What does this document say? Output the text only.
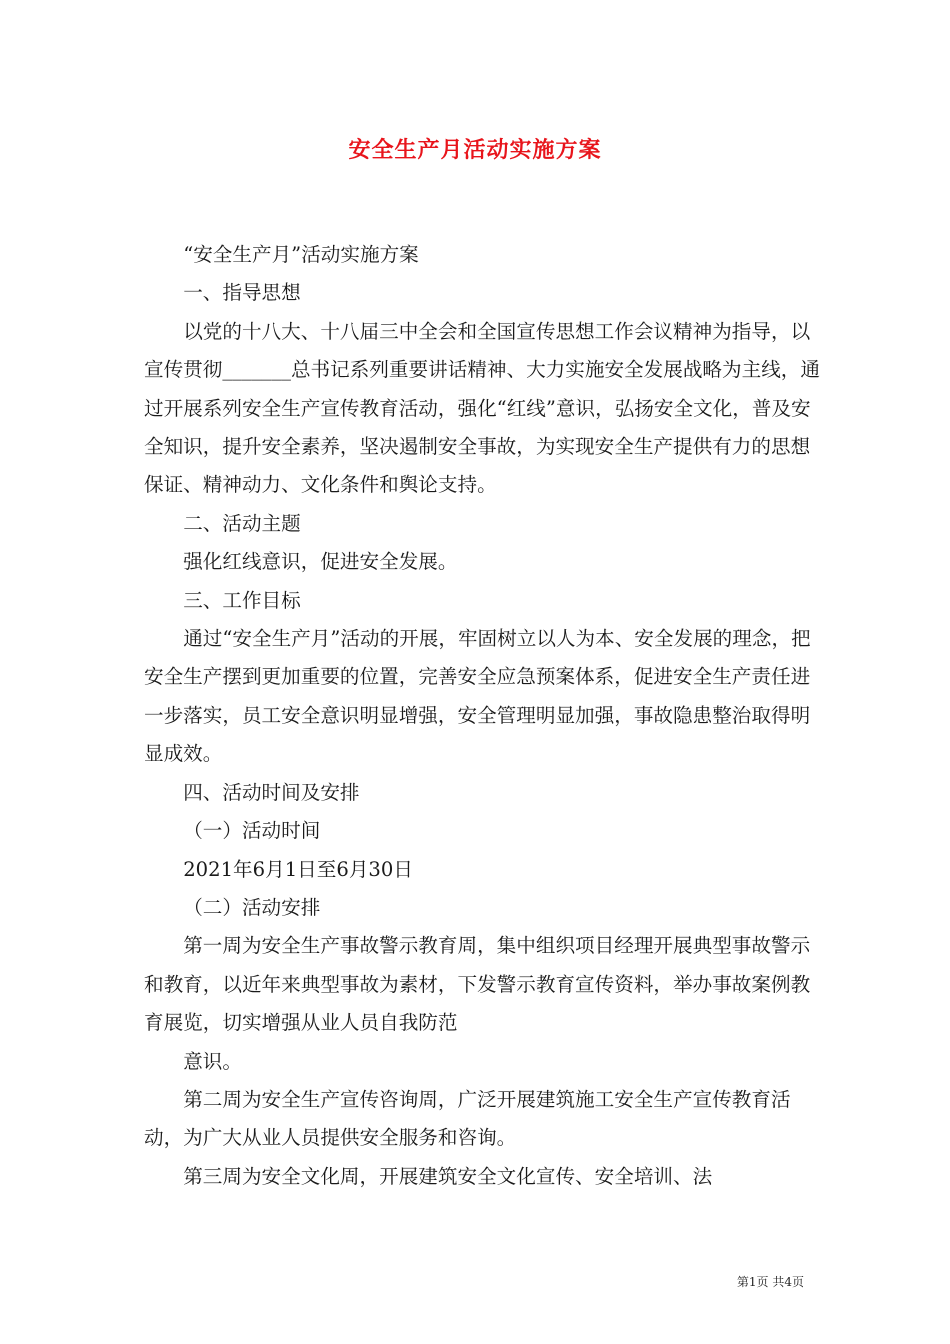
安全生产月活动实施方案

“安全生产月”活动实施方案

一、指导思想

以党的十八大、十八届三中全会和全国宣传思想工作会议精神为指导，以宣传贯彻_______总书记系列重要讲话精神、大力实施安全发展战略为主线，通过开展系列安全生产宣传教育活动，强化“红线”意识，弘扬安全文化，普及安全知识，提升安全素养，坚决遏制安全事故，为实现安全生产提供有力的思想保证、精神动力、文化条件和舆论支持。

二、活动主题

强化红线意识，促进安全发展。

三、工作目标

通过“安全生产月”活动的开展，牢固树立以人为本、安全发展的理念，把安全生产摆到更加重要的位置，完善安全应急预案体系，促进安全生产责任进一步落实，员工安全意识明显增强，安全管理明显加强，事故隐患整治取得明显成效。

四、活动时间及安排

（一）活动时间

2021年6月1日至6月30日

（二）活动安排

第一周为安全生产事故警示教育周，集中组织项目经理开展典型事故警示和教育，以近年来典型事故为素材，下发警示教育宣传资料，举办事故案例教育展览，切实增强从业人员自我防范

意识。

第二周为安全生产宣传咨询周，广泛开展建筑施工安全生产宣传教育活动，为广大从业人员提供安全服务和咨询。

第三周为安全文化周，开展建筑安全文化宣传、安全培训、法

第1页 共4页
